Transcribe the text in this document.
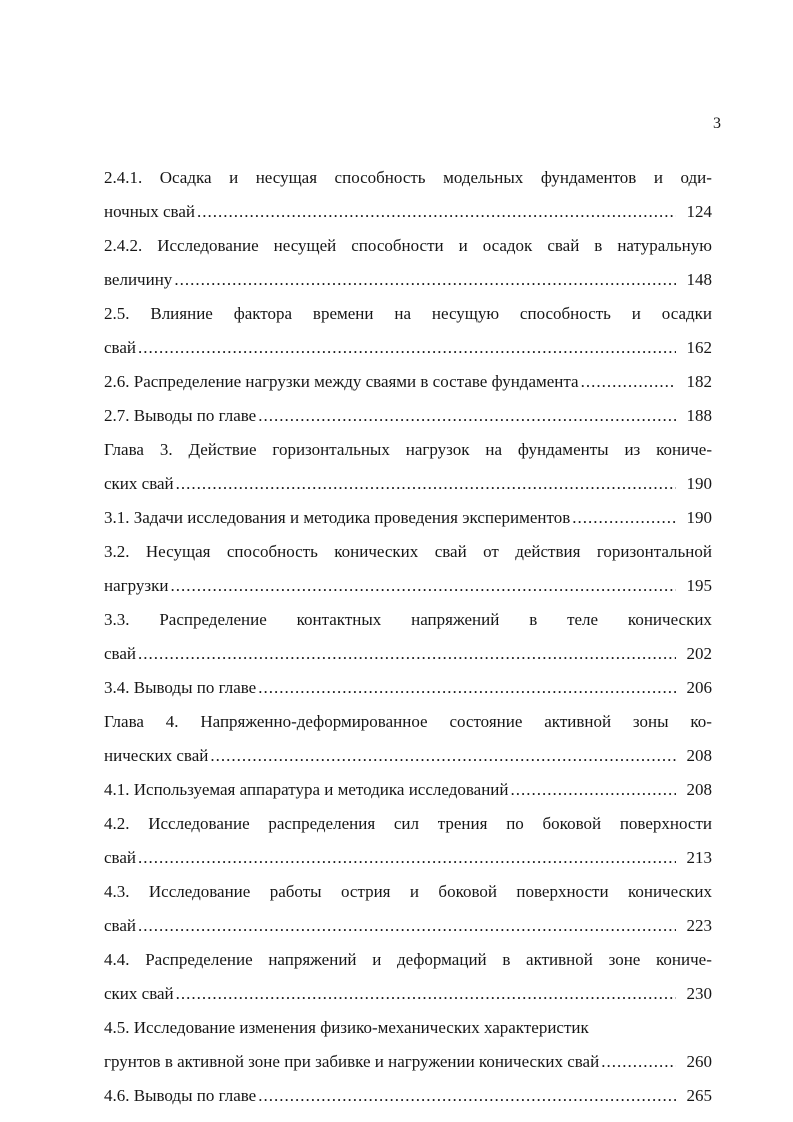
3
2.4.1. Осадка и несущая способность модельных фундаментов и оди-
ночных свай .....	124
2.4.2. Исследование несущей способности и осадок свай в натуральную
величину .....	148
2.5. Влияние фактора времени на несущую способность и осадки
свай .....	162
2.6. Распределение нагрузки между сваями в составе фундамента .....	182
2.7. Выводы по главе .....	188
Глава 3. Действие горизонтальных нагрузок на фундаменты из кониче-
ских свай .....	190
3.1. Задачи исследования и методика проведения экспериментов .....	190
3.2. Несущая способность конических свай от действия горизонтальной
нагрузки .....	195
3.3. Распределение контактных напряжений в теле конических
свай .....	202
3.4. Выводы по главе .....	206
Глава 4. Напряженно-деформированное состояние активной зоны ко-
нических свай .....	208
4.1. Используемая аппаратура и методика исследований .....	208
4.2. Исследование распределения сил трения по боковой поверхности
свай .....	213
4.3. Исследование работы острия и боковой поверхности конических
свай .....	223
4.4. Распределение напряжений и деформаций в активной зоне кониче-
ских свай .....	230
4.5. Исследование изменения физико-механических характеристик
грунтов в активной зоне при забивке и нагружении конических свай .....	260
4.6. Выводы по главе .....	265
